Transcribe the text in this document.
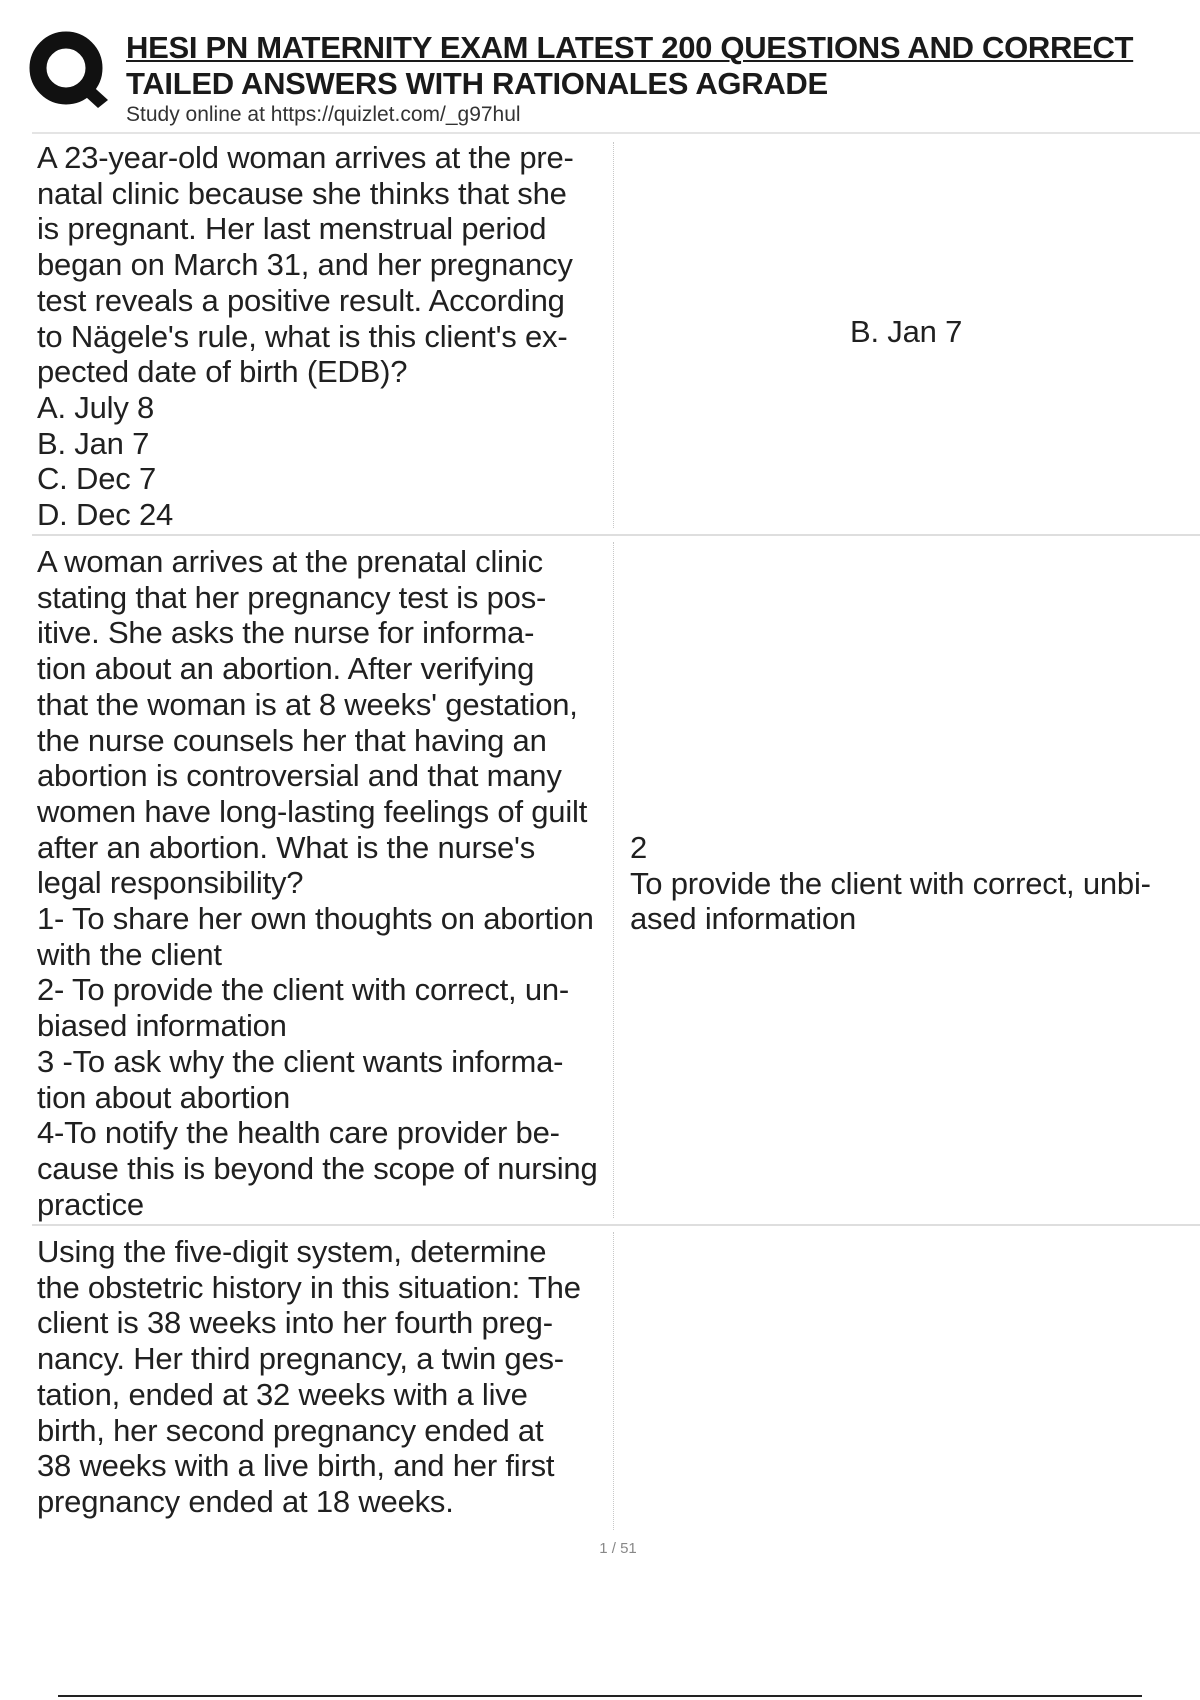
HESI PN MATERNITY EXAM LATEST 200 QUESTIONS AND CORRECT
TAILED ANSWERS WITH RATIONALES AGRADE
Study online at https://quizlet.com/_g97hul
A 23-year-old woman arrives at the pre-
natal clinic because she thinks that she
is pregnant. Her last menstrual period
began on March 31, and her pregnancy
test reveals a positive result. According
to Nägele's rule, what is this client's ex-
pected date of birth (EDB)?
A. July 8
B. Jan 7
C. Dec 7
D. Dec 24
B. Jan 7
A woman arrives at the prenatal clinic
stating that her pregnancy test is pos-
itive. She asks the nurse for informa-
tion about an abortion. After verifying
that the woman is at 8 weeks' gestation,
the nurse counsels her that having an
abortion is controversial and that many
women have long-lasting feelings of guilt
after an abortion. What is the nurse's
legal responsibility?
1- To share her own thoughts on abortion
with the client
2- To provide the client with correct, un-
biased information
3 -To ask why the client wants informa-
tion about abortion
4-To notify the health care provider be-
cause this is beyond the scope of nursing
practice
2
To provide the client with correct, unbi-
ased information
Using the five-digit system, determine
the obstetric history in this situation: The
client is 38 weeks into her fourth preg-
nancy. Her third pregnancy, a twin ges-
tation, ended at 32 weeks with a live
birth, her second pregnancy ended at
38 weeks with a live birth, and her first
pregnancy ended at 18 weeks.
1 / 51
